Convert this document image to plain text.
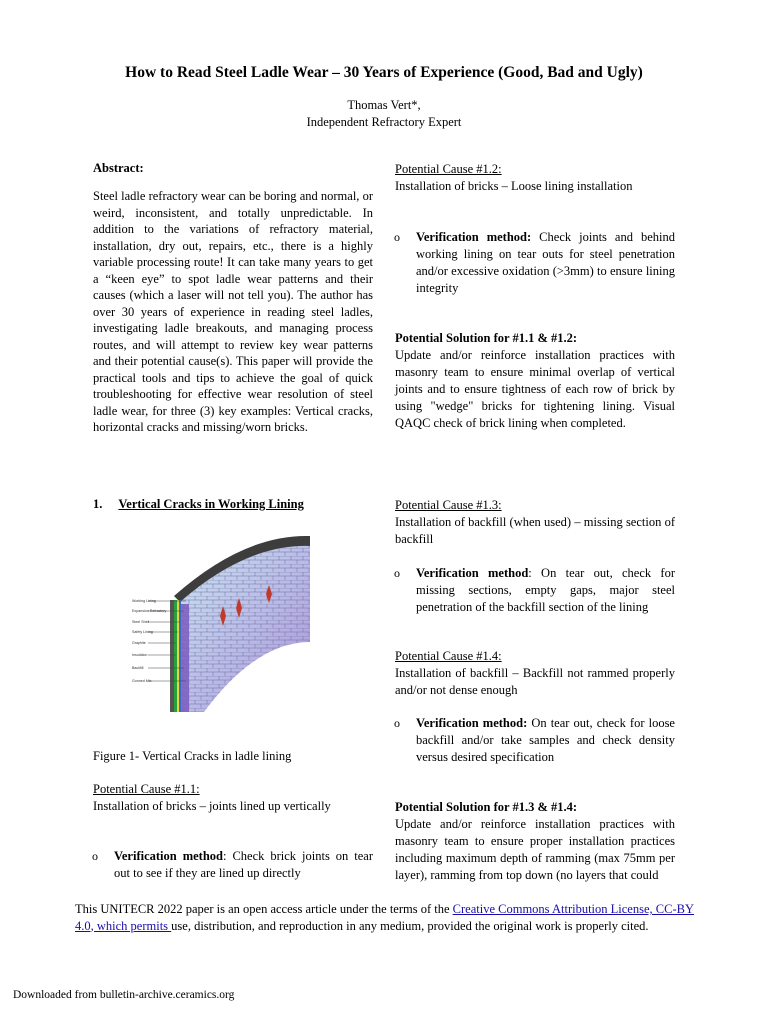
How to Read Steel Ladle Wear – 30 Years of Experience (Good, Bad and Ugly)
Thomas Vert*,
Independent Refractory Expert
Abstract:
Steel ladle refractory wear can be boring and normal, or weird, inconsistent, and totally unpredictable. In addition to the variations of refractory material, installation, dry out, repairs, etc., there is a highly variable processing route! It can take many years to get a “keen eye” to spot ladle wear patterns and their causes (which a laser will not tell you). The author has over 30 years of experience in reading steel ladles, investigating ladle breakouts, and managing process routes, and will attempt to review key wear patterns and their potential cause(s). This paper will provide the practical tools and tips to achieve the goal of quick troubleshooting for effective wear resolution of steel ladle wear, for three (3) key examples: Vertical cracks, horizontal cracks and missing/worn bricks.
1. Vertical Cracks in Working Lining
Working Lining
Expansion Refractory
Steel Shell
Safety Lining
Graphite
Insulation
Backfill
Gunned Mix
Figure 1- Vertical Cracks in ladle lining
Potential Cause #1.1:
Installation of bricks – joints lined up vertically
o	Verification method: Check brick joints on tear out to see if they are lined up directly
Potential Cause #1.2:
Installation of bricks – Loose lining installation
o	Verification method: Check joints and behind working lining on tear outs for steel penetration and/or excessive oxidation (>3mm) to ensure lining integrity
Potential Solution for #1.1 & #1.2:
Update and/or reinforce installation practices with masonry team to ensure minimal overlap of vertical joints and to ensure tightness of each row of brick by using "wedge" bricks for tightening lining. Visual QAQC check of brick lining when completed.
Potential Cause #1.3:
Installation of backfill (when used) – missing section of backfill
o	Verification method: On tear out, check for missing sections, empty gaps, major steel penetration of the backfill section of the lining
Potential Cause #1.4:
Installation of backfill – Backfill not rammed properly and/or not dense enough
o	Verification method: On tear out, check for loose backfill and/or take samples and check density versus desired specification
Potential Solution for #1.3 & #1.4:
Update and/or reinforce installation practices with masonry team to ensure proper installation practices including maximum depth of ramming (max 75mm per layer), ramming from top down (no layers that could
This UNITECR 2022 paper is an open access article under the terms of the Creative Commons Attribution License, CC-BY 4.0, which permits use, distribution, and reproduction in any medium, provided the original work is properly cited.
Downloaded from bulletin-archive.ceramics.org
